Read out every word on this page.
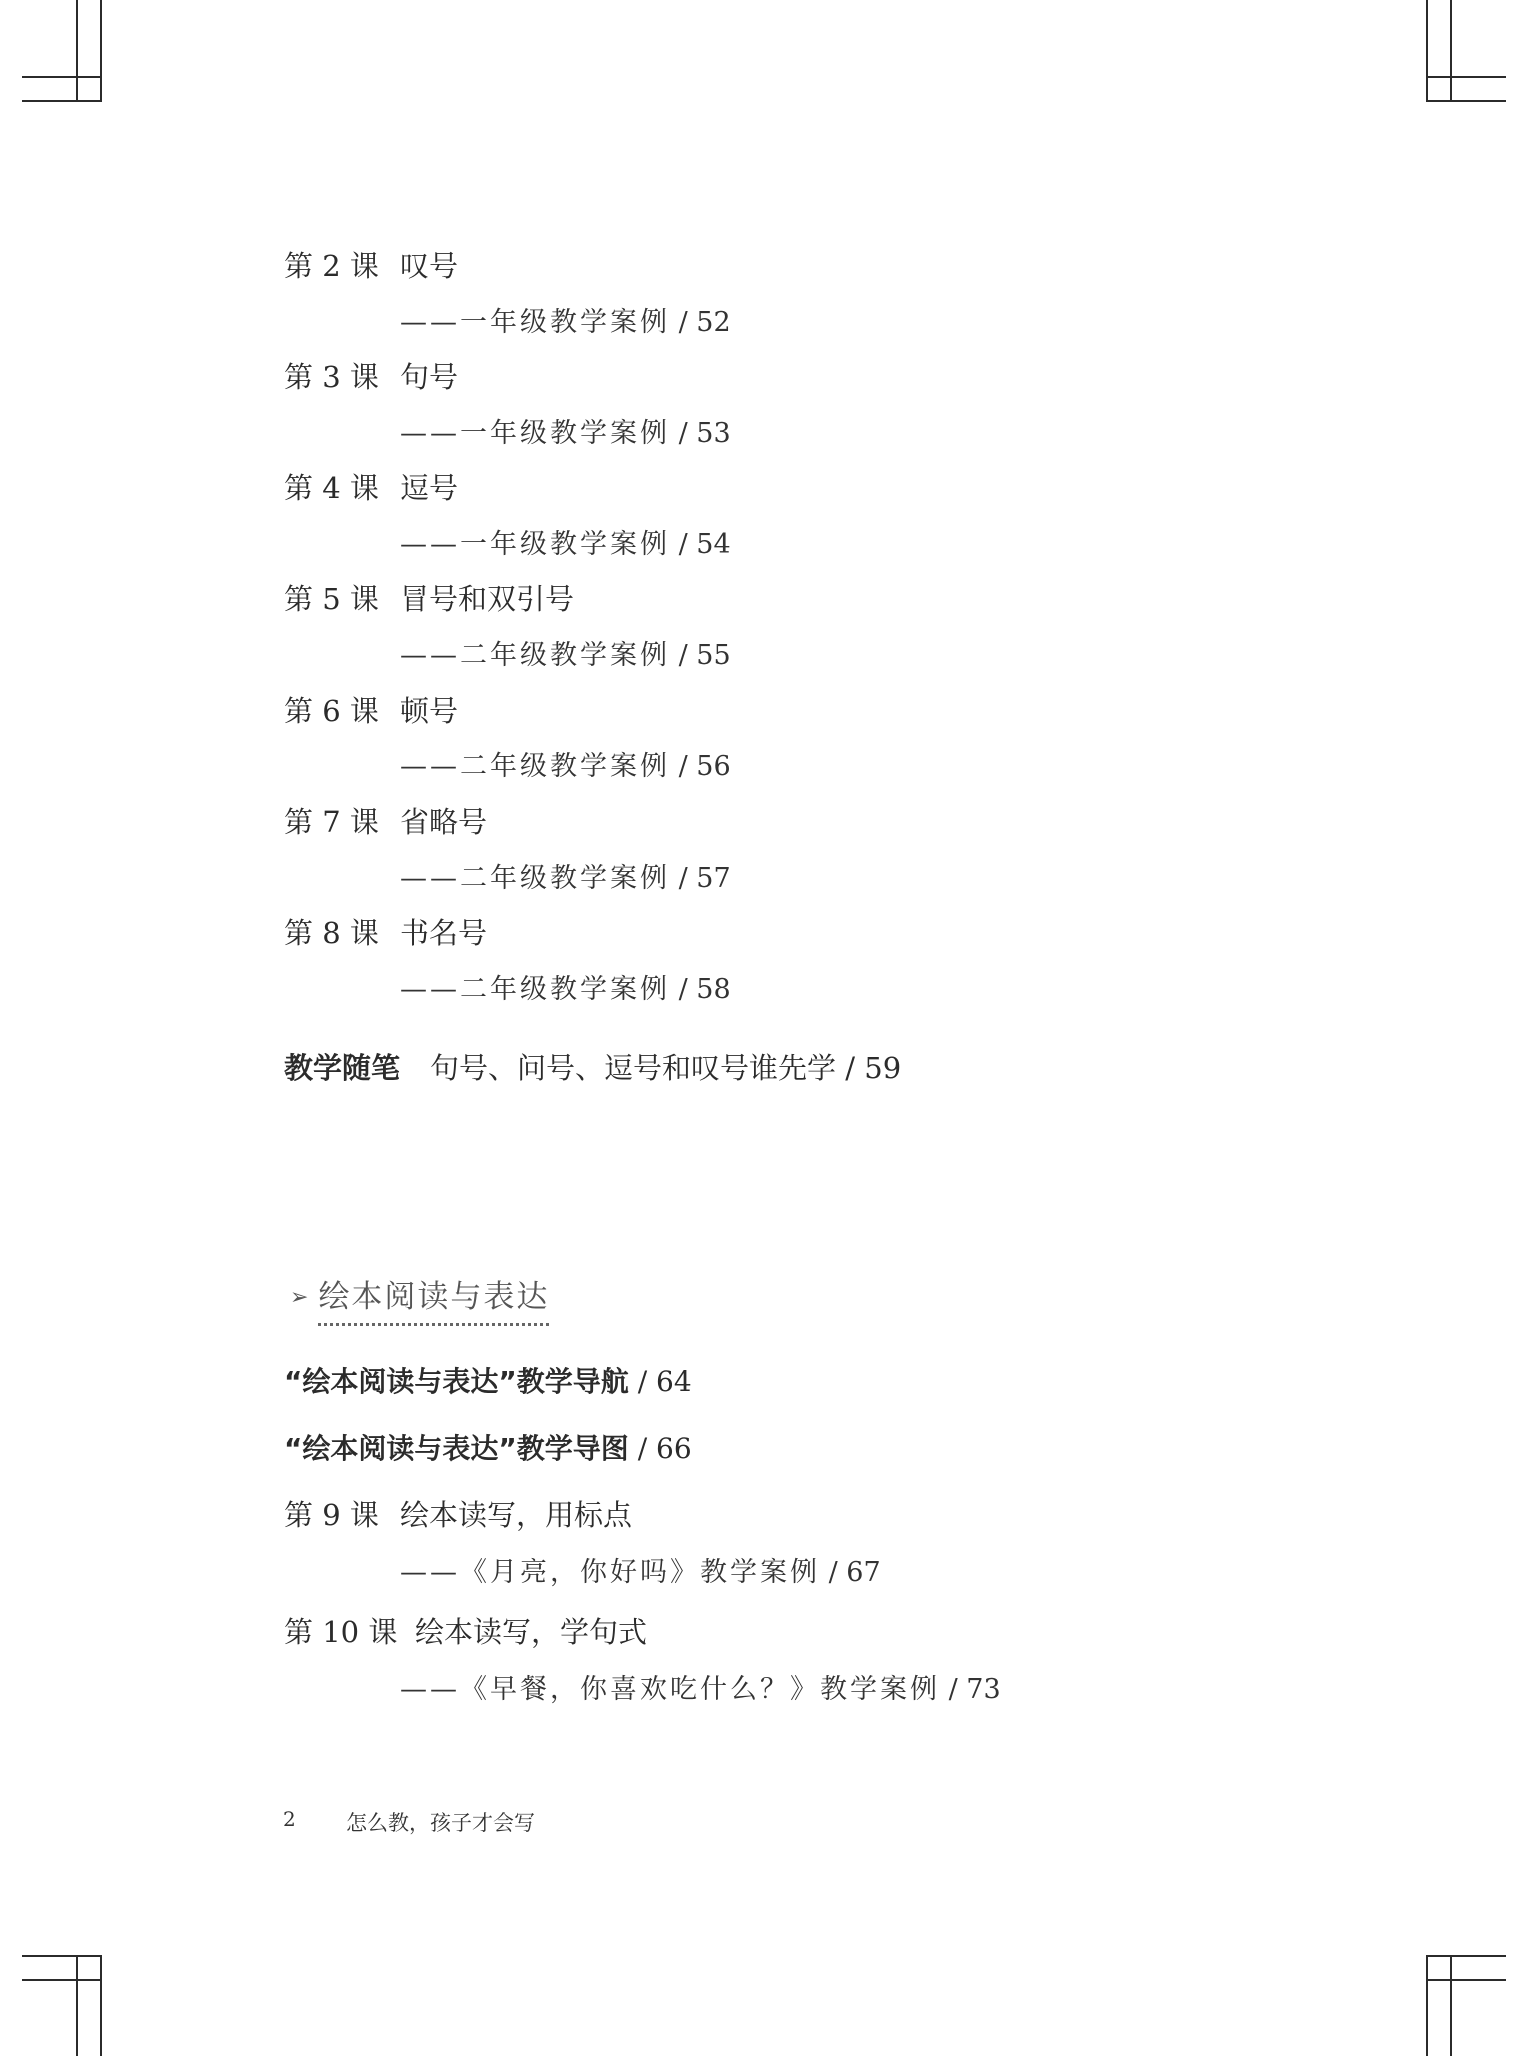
第 2 课 叹号
——一年级教学案例 / 52
第 3 课 句号
——一年级教学案例 / 53
第 4 课 逗号
——一年级教学案例 / 54
第 5 课 冒号和双引号
——二年级教学案例 / 55
第 6 课 顿号
——二年级教学案例 / 56
第 7 课 省略号
——二年级教学案例 / 57
第 8 课 书名号
——二年级教学案例 / 58
教学随笔 句号、问号、逗号和叹号谁先学 / 59
➢ 绘本阅读与表达
“绘本阅读与表达”教学导航 / 64
“绘本阅读与表达”教学导图 / 66
第 9 课 绘本读写，用标点
——《月亮，你好吗》教学案例 / 67
第 10 课 绘本读写，学句式
——《早餐，你喜欢吃什么？》教学案例 / 73
2 怎么教，孩子才会写
